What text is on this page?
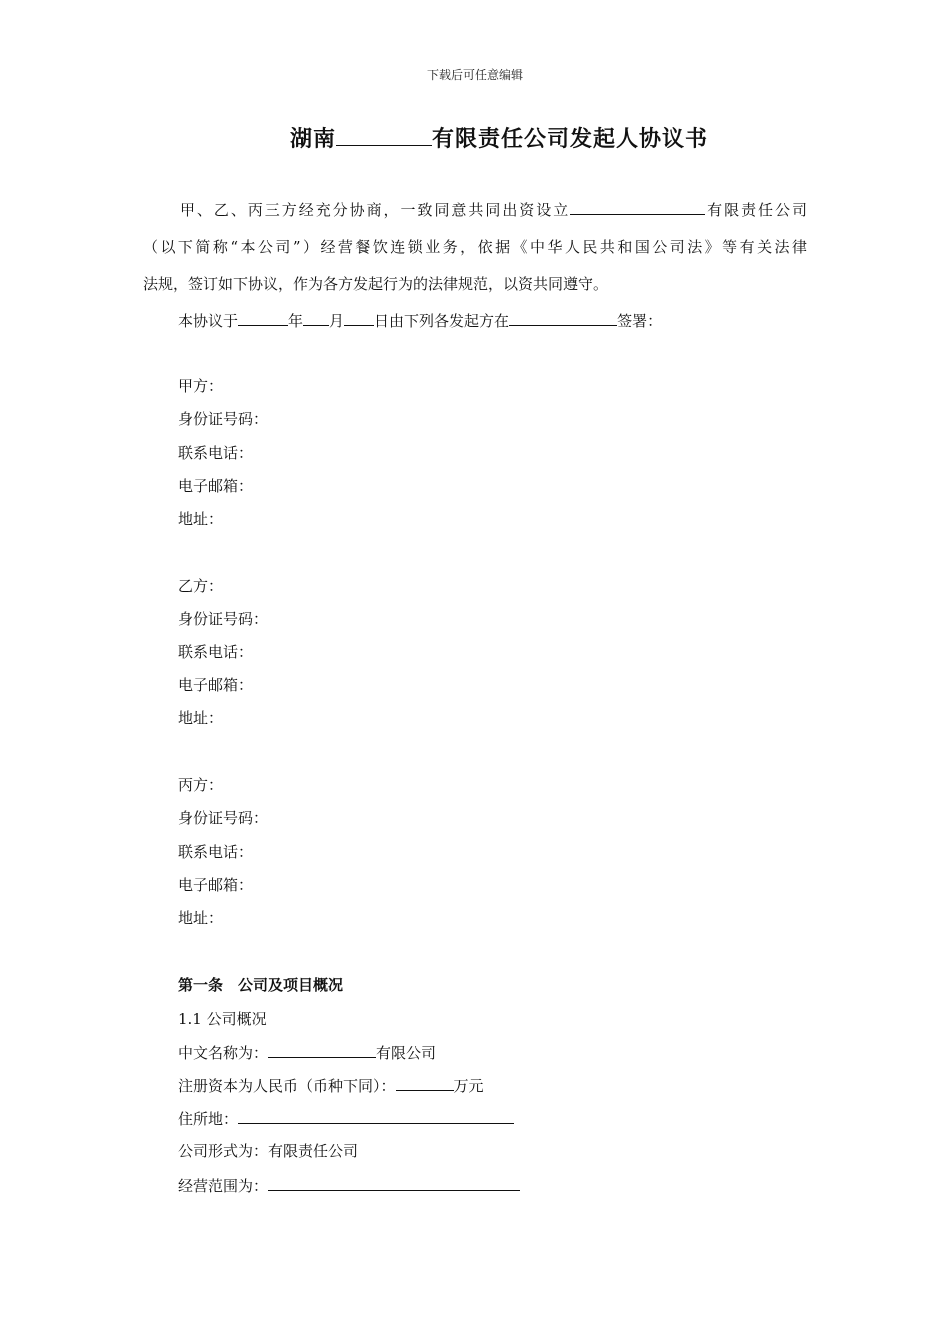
下载后可任意编辑
湖南	有限责任公司发起人协议书
甲、乙、丙三方经充分协商，一致同意共同出资设立	有限责任公司
（以下简称“本公司”）经营餐饮连锁业务，依据《中华人民共和国公司法》等有关法律
法规，签订如下协议，作为各方发起行为的法律规范，以资共同遵守。
本协议于	年 月 日由下列各发起方在	签署：
甲方：
身份证号码：
联系电话：
电子邮箱：
地址：
乙方：
身份证号码：
联系电话：
电子邮箱：
地址：
丙方：
身份证号码：
联系电话：
电子邮箱：
地址：
第一条　公司及项目概况
1.1 公司概况
中文名称为：	有限公司
注册资本为人民币（币种下同）：	万元
住所地：
公司形式为：有限责任公司
经营范围为：
